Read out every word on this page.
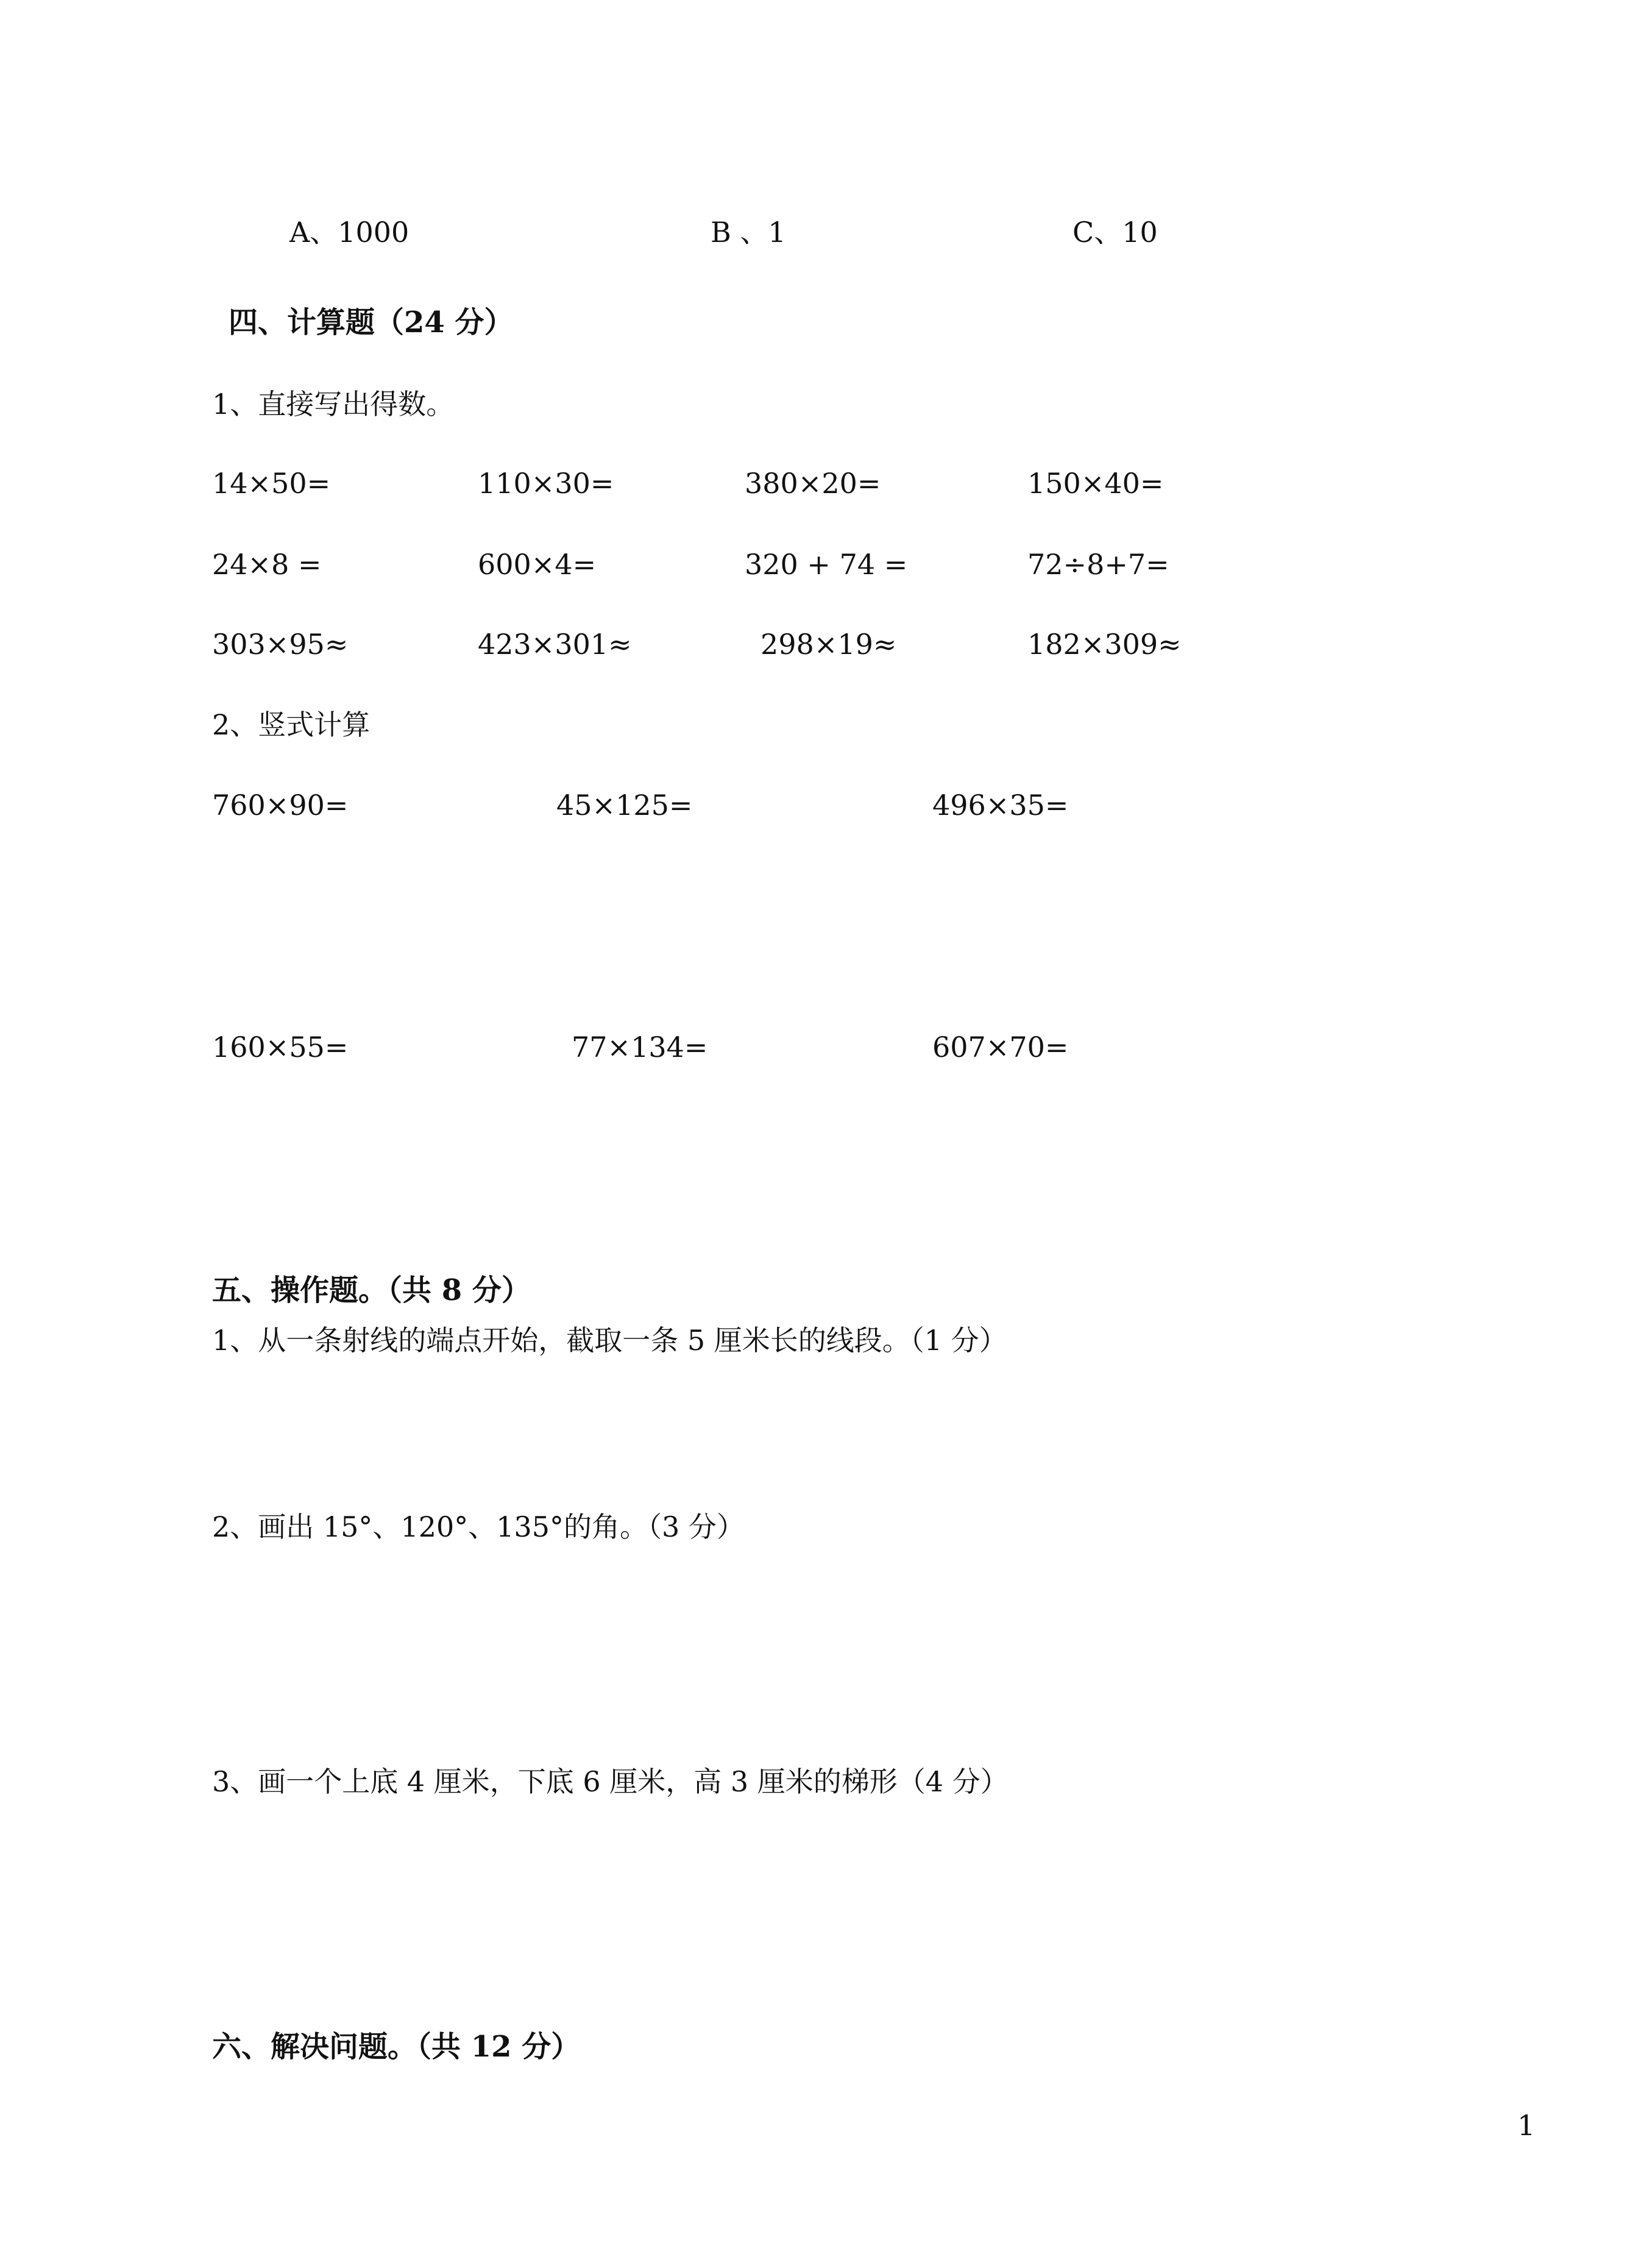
A、1000	B 、1	C、10
四、计算题（24 分）
1、直接写出得数。
14×50=	110×30=	380×20=	150×40=
24×8 =	600×4=	320 + 74 =	72÷8+7=
303×95≈	423×301≈	298×19≈	182×309≈
2、竖式计算
760×90=	45×125=	496×35=
160×55=	77×134=	607×70=
五、操作题。（共 8 分）
1、从一条射线的端点开始，截取一条 5 厘米长的线段。（1 分）
2、画出 15°、120°、135°的角。（3 分）
3、画一个上底 4 厘米，下底 6 厘米，高 3 厘米的梯形（4 分）
六、解决问题。（共 12 分）
1
